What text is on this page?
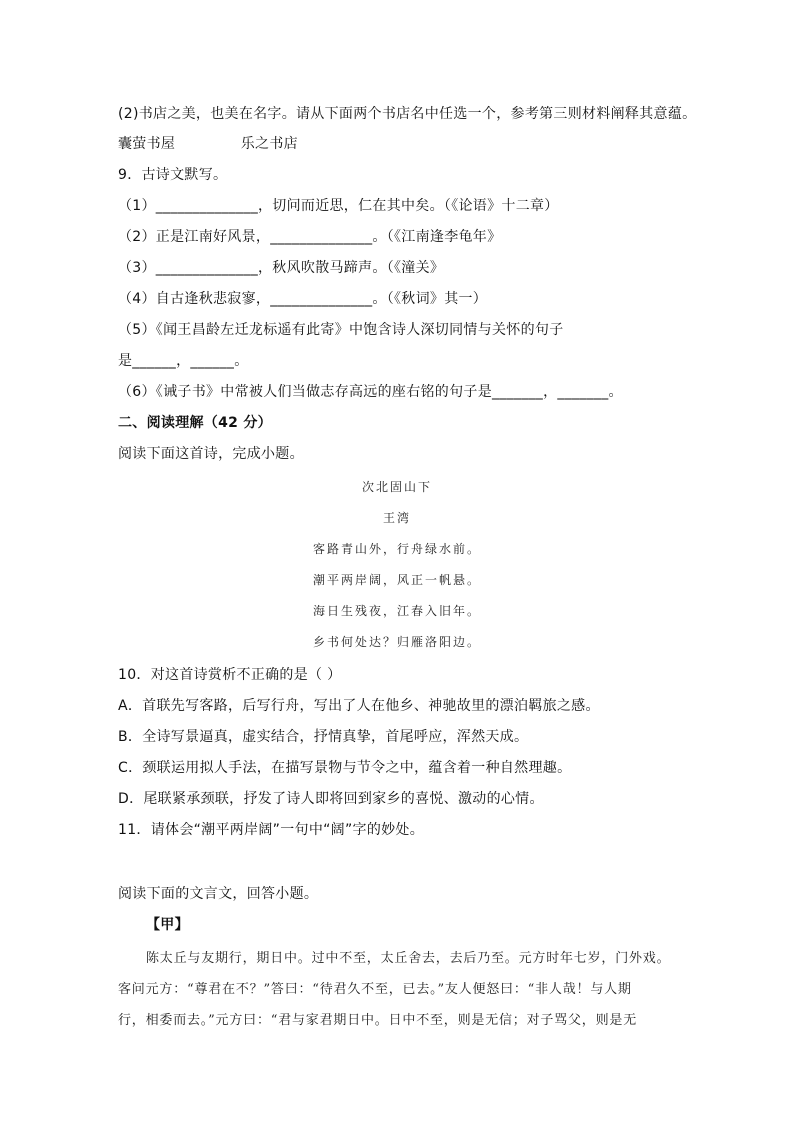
(2)书店之美，也美在名字。请从下面两个书店名中任选一个，参考第三则材料阐释其意蕴。
囊萤书屋	乐之书店
9．古诗文默写。
（1）______________，切问而近思，仁在其中矣。（《论语》十二章）
（2）正是江南好风景，______________。（《江南逢李龟年》
（3）______________，秋风吹散马蹄声。（《潼关》
（4）自古逢秋悲寂寥，______________。（《秋词》其一）
（5）《闻王昌龄左迁龙标遥有此寄》中饱含诗人深切同情与关怀的句子
是______，______。
（6）《诫子书》中常被人们当做志存高远的座右铭的句子是_______，_______。
二、阅读理解（42 分）
阅读下面这首诗，完成小题。
次北固山下
王湾
客路青山外，行舟绿水前。
潮平两岸阔，风正一帆悬。
海日生残夜，江春入旧年。
乡书何处达？归雁洛阳边。
10．对这首诗赏析不正确的是（ ）
A．首联先写客路，后写行舟，写出了人在他乡、神驰故里的漂泊羁旅之感。
B．全诗写景逼真，虚实结合，抒情真挚，首尾呼应，浑然天成。
C．颈联运用拟人手法，在描写景物与节令之中，蕴含着一种自然理趣。
D．尾联紧承颈联，抒发了诗人即将回到家乡的喜悦、激动的心情。
11．请体会“潮平两岸阔”一句中“阔”字的妙处。
阅读下面的文言文，回答小题。
【甲】
陈太丘与友期行，期日中。过中不至，太丘舍去，去后乃至。元方时年七岁，门外戏。
客问元方：“尊君在不？”答曰：“待君久不至，已去。”友人便怒曰：“非人哉！与人期
行，相委而去。”元方曰：“君与家君期日中。日中不至，则是无信；对子骂父，则是无
